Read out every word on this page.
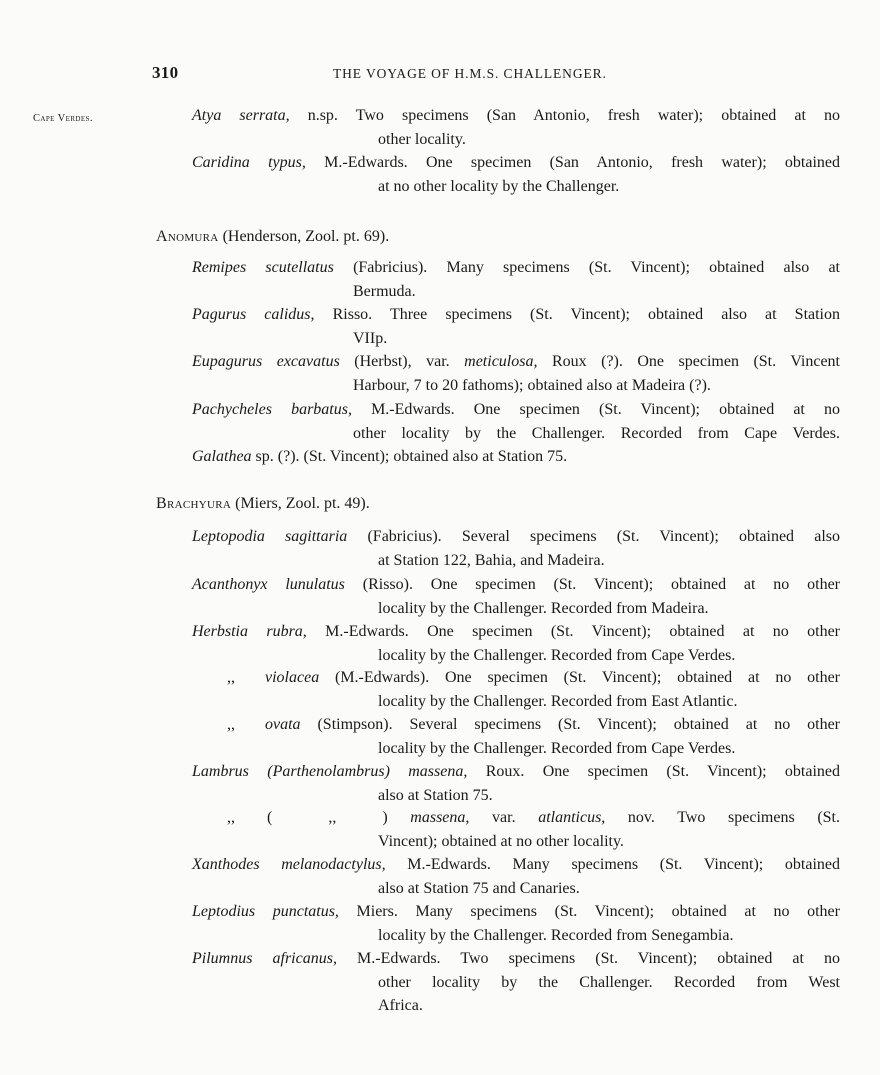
310	THE VOYAGE OF H.M.S. CHALLENGER.
Cape Verdes.	Atya serrata, n.sp. Two specimens (San Antonio, fresh water); obtained at no
other locality.
Caridina typus, M.-Edwards. One specimen (San Antonio, fresh water); obtained
at no other locality by the Challenger.
Anomura (Henderson, Zool. pt. 69).
Remipes scutellatus (Fabricius). Many specimens (St. Vincent); obtained also at
Bermuda.
Pagurus calidus, Risso. Three specimens (St. Vincent); obtained also at Station
VIIp.
Eupagurus excavatus (Herbst), var. meticulosa, Roux (?). One specimen (St. Vincent
Harbour, 7 to 20 fathoms); obtained also at Madeira (?).
Pachycheles barbatus, M.-Edwards. One specimen (St. Vincent); obtained at no
other locality by the Challenger. Recorded from Cape Verdes.
Galathea sp. (?). (St. Vincent); obtained also at Station 75.
Brachyura (Miers, Zool. pt. 49).
Leptopodia sagittaria (Fabricius). Several specimens (St. Vincent); obtained also
at Station 122, Bahia, and Madeira.
Acanthonyx lunulatus (Risso). One specimen (St. Vincent); obtained at no other
locality by the Challenger. Recorded from Madeira.
Herbstia rubra, M.-Edwards. One specimen (St. Vincent); obtained at no other
locality by the Challenger. Recorded from Cape Verdes.
,, violacea (M.-Edwards). One specimen (St. Vincent); obtained at no other
locality by the Challenger. Recorded from East Atlantic.
,, ovata (Stimpson). Several specimens (St. Vincent); obtained at no other
locality by the Challenger. Recorded from Cape Verdes.
Lambrus (Parthenolambrus) massena, Roux. One specimen (St. Vincent); obtained
also at Station 75.
,, (	,,	) massena, var. atlanticus, nov. Two specimens (St.
Vincent); obtained at no other locality.
Xanthodes melanodactylus, M.-Edwards. Many specimens (St. Vincent); obtained
also at Station 75 and Canaries.
Leptodius punctatus, Miers. Many specimens (St. Vincent); obtained at no other
locality by the Challenger. Recorded from Senegambia.
Pilumnus africanus, M.-Edwards. Two specimens (St. Vincent); obtained at no
other locality by the Challenger. Recorded from West
Africa.
